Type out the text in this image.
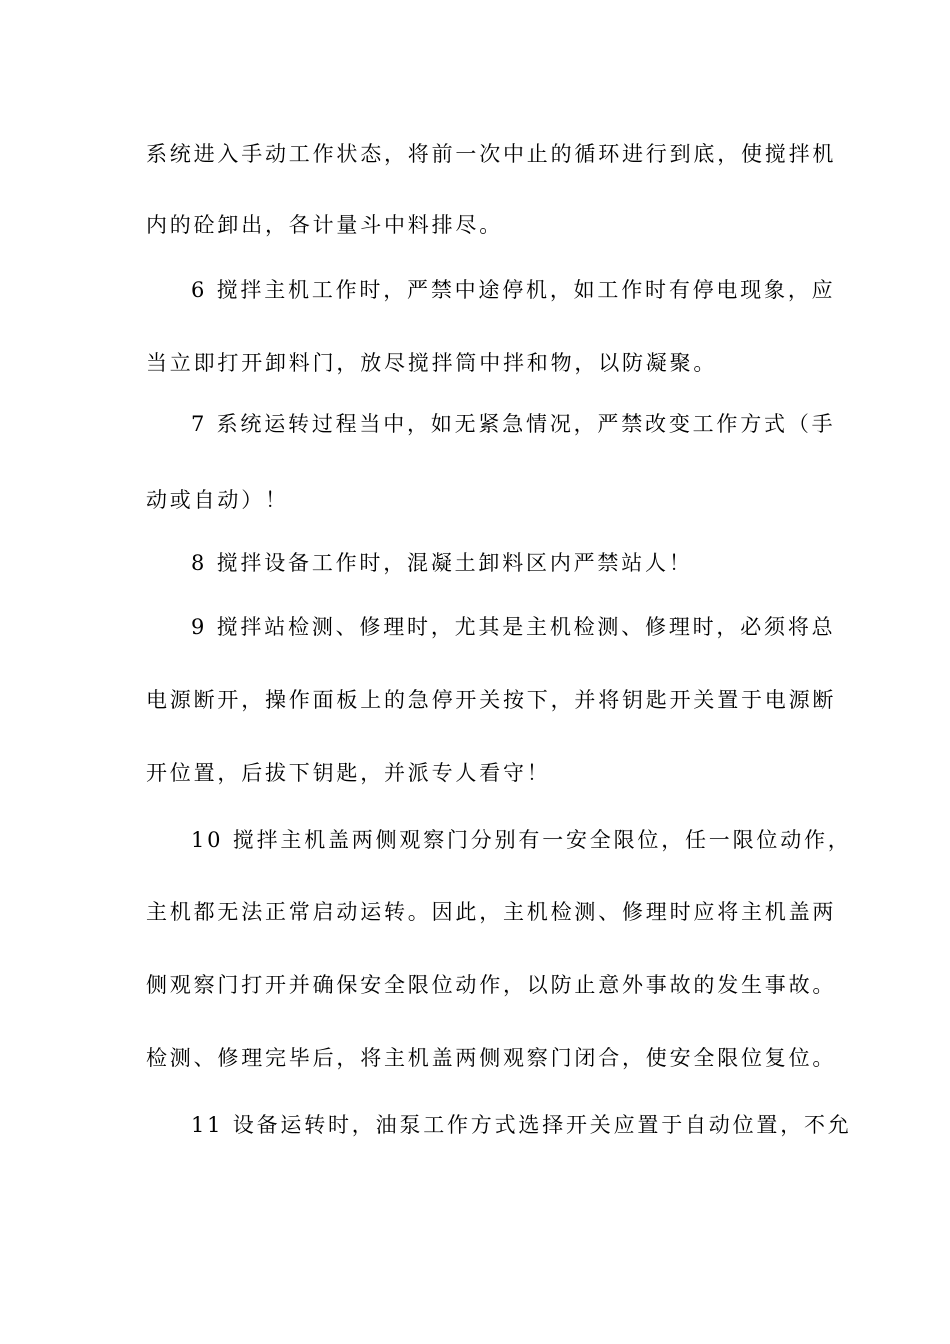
系统进入手动工作状态，将前一次中止的循环进行到底，使搅拌机
内的砼卸出，各计量斗中料排尽。
6 搅拌主机工作时，严禁中途停机，如工作时有停电现象，应
当立即打开卸料门，放尽搅拌筒中拌和物，以防凝聚。
7 系统运转过程当中，如无紧急情况，严禁改变工作方式（手
动或自动）！
8 搅拌设备工作时，混凝土卸料区内严禁站人！
9 搅拌站检测、修理时，尤其是主机检测、修理时，必须将总
电源断开，操作面板上的急停开关按下，并将钥匙开关置于电源断
开位置，后拔下钥匙，并派专人看守！
10 搅拌主机盖两侧观察门分别有一安全限位，任一限位动作，
主机都无法正常启动运转。因此，主机检测、修理时应将主机盖两
侧观察门打开并确保安全限位动作，以防止意外事故的发生事故。
检测、修理完毕后，将主机盖两侧观察门闭合，使安全限位复位。
11 设备运转时，油泵工作方式选择开关应置于自动位置，不允
